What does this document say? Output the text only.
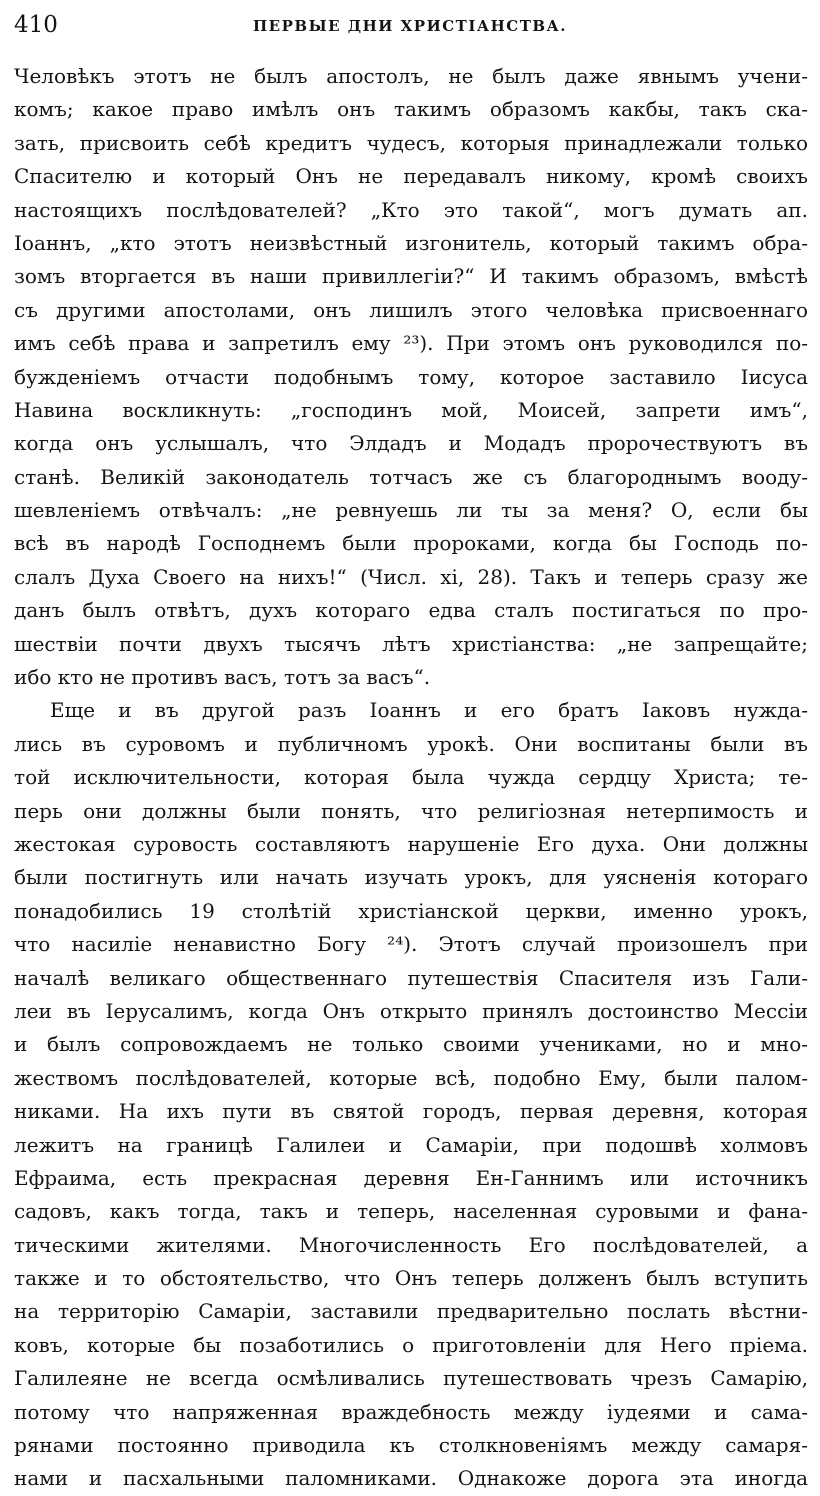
410	ПЕРВЫЕ ДНИ ХРИСТІАНСТВА.
Человѣкъ этотъ не былъ апостолъ, не былъ даже явнымъ учени-
комъ; какое право имѣлъ онъ такимъ образомъ какбы, такъ ска-
зать, присвоить себѣ кредитъ чудесъ, которыя принадлежали только
Спасителю и который Онъ не передавалъ никому, кромѣ своихъ
настоящихъ послѣдователей? „Кто это такой“, могъ думать ап.
Іоаннъ, „кто этотъ неизвѣстный изгонитель, который такимъ обра-
зомъ вторгается въ наши привиллегіи?“ И такимъ образомъ, вмѣстѣ
съ другими апостолами, онъ лишилъ этого человѣка присвоеннаго
имъ себѣ права и запретилъ ему ²³). При этомъ онъ руководился по-
бужденіемъ отчасти подобнымъ тому, которое заставило Іисуса
Навина воскликнуть: „господинъ мой, Моисей, запрети имъ“,
когда онъ услышалъ, что Элдадъ и Модадъ пророчествуютъ въ
станѣ. Великій законодатель тотчасъ же съ благороднымъ вооду-
шевленіемъ отвѣчалъ: „не ревнуешь ли ты за меня? О, если бы
всѣ въ народѣ Господнемъ были пророками, когда бы Господь по-
слалъ Духа Своего на нихъ!“ (Числ. xi, 28). Такъ и теперь сразу же
данъ былъ отвѣтъ, духъ котораго едва сталъ постигаться по про-
шествіи почти двухъ тысячъ лѣтъ христіанства: „не запрещайте;
ибо кто не противъ васъ, тотъ за васъ“.
Еще и въ другой разъ Іоаннъ и его братъ Іаковъ нужда-
лись въ суровомъ и публичномъ урокѣ. Они воспитаны были въ
той исключительности, которая была чужда сердцу Христа; те-
перь они должны были понять, что религіозная нетерпимость и
жестокая суровость составляютъ нарушеніе Его духа. Они должны
были постигнуть или начать изучать урокъ, для уясненія котораго
понадобились 19 столѣтій христіанской церкви, именно урокъ,
что насиліе ненавистно Богу ²⁴). Этотъ случай произошелъ при
началѣ великаго общественнаго путешествія Спасителя изъ Гали-
леи въ Іерусалимъ, когда Онъ открыто принялъ достоинство Мессіи
и былъ сопровождаемъ не только своими учениками, но и мно-
жествомъ послѣдователей, которые всѣ, подобно Ему, были палом-
никами. На ихъ пути въ святой городъ, первая деревня, которая
лежитъ на границѣ Галилеи и Самаріи, при подошвѣ холмовъ
Ефраима, есть прекрасная деревня Ен-Ганнимъ или источникъ
садовъ, какъ тогда, такъ и теперь, населенная суровыми и фана-
тическими жителями. Многочисленность Его послѣдователей, а
также и то обстоятельство, что Онъ теперь долженъ былъ вступить
на территорію Самаріи, заставили предварительно послать вѣстни-
ковъ, которые бы позаботились о приготовленіи для Него пріема.
Галилеяне не всегда осмѣливались путешествовать чрезъ Самарію,
потому что напряженная враждебность между іудеями и сама-
рянами постоянно приводила къ столкновеніямъ между самаря-
нами и пасхальными паломниками. Однакоже дорога эта иногда
